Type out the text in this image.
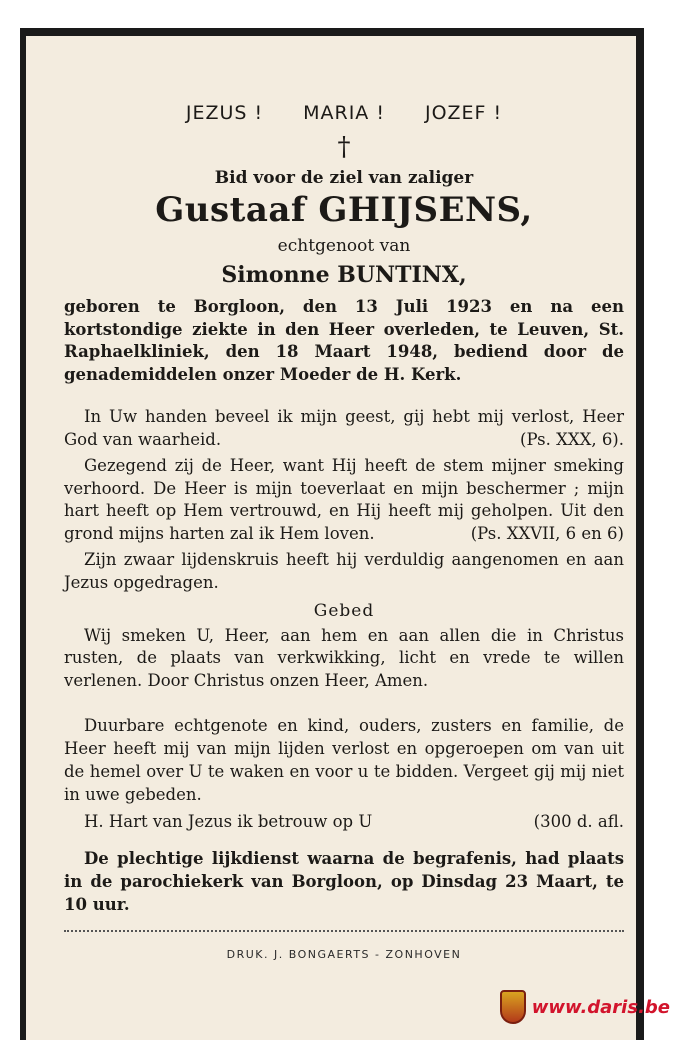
JEZUS ! MARIA ! JOZEF !
†
Bid voor de ziel van zaliger
Gustaaf GHIJSENS,
echtgenoot van
Simonne BUNTINX,
geboren te Borgloon, den 13 Juli 1923 en na een kortstondige ziekte in den Heer overleden, te Leuven, St. Raphaelkliniek, den 18 Maart 1948, bediend door de genademiddelen onzer Moeder de H. Kerk.

In Uw handen beveel ik mijn geest, gij hebt mij verlost, Heer God van waarheid.	(Ps. XXX, 6).

Gezegend zij de Heer, want Hij heeft de stem mijner smeking verhoord. De Heer is mijn toeverlaat en mijn beschermer ; mijn hart heeft op Hem vertrouwd, en Hij heeft mij geholpen. Uit den grond mijns harten zal ik Hem loven.	(Ps. XXVII, 6 en 6)

Zijn zwaar lijdenskruis heeft hij verduldig aangenomen en aan Jezus opgedragen.

Gebed

Wij smeken U, Heer, aan hem en aan allen die in Christus rusten, de plaats van verkwikking, licht en vrede te willen verlenen. Door Christus onzen Heer, Amen.

Duurbare echtgenote en kind, ouders, zusters en familie, de Heer heeft mij van mijn lijden verlost en opgeroepen om van uit de hemel over U te waken en voor u te bidden. Vergeet gij mij niet in uwe gebeden.

H. Hart van Jezus ik betrouw op U	(300 d. afl.

De plechtige lijkdienst waarna de begrafenis, had plaats in de parochiekerk van Borgloon, op Dinsdag 23 Maart, te 10 uur.

DRUK. J. BONGAERTS - ZONHOVEN
www.daris.be
